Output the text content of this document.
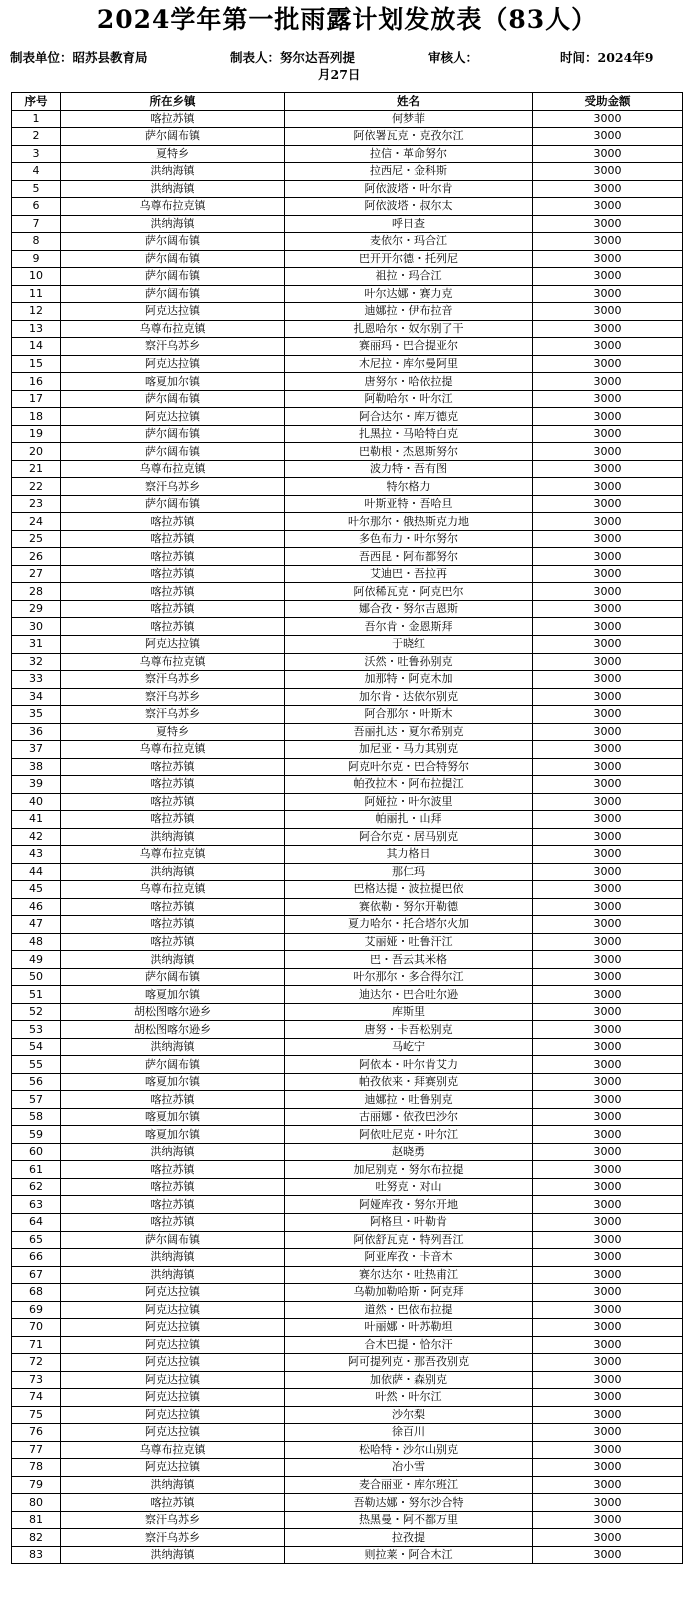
2024学年第一批雨露计划发放表（83人）
制表单位：昭苏县教育局	制表人：努尔达吾列提	审核人：	时间：2024年9
月27日
序号	所在乡镇	姓名	受助金额
1	喀拉苏镇	何梦菲	3000
2	萨尔阔布镇	阿依署瓦克・克孜尔江	3000
3	夏特乡	拉信・革命努尔	3000
4	洪纳海镇	拉西尼・金科斯	3000
5	洪纳海镇	阿依波塔・叶尔肯	3000
6	乌尊布拉克镇	阿依波塔・叔尔太	3000
7	洪纳海镇	呼日查	3000
8	萨尔阔布镇	麦依尔・玛合江	3000
9	萨尔阔布镇	巴开开尔德・托列尼	3000
10	萨尔阔布镇	祖拉・玛合江	3000
11	萨尔阔布镇	叶尔达娜・赛力克	3000
12	阿克达拉镇	迪娜拉・伊布拉音	3000
13	乌尊布拉克镇	扎恩哈尔・奴尔别了干	3000
14	察汗乌苏乡	赛丽玛・巴合提亚尔	3000
15	阿克达拉镇	木尼拉・库尔曼阿里	3000
16	喀夏加尔镇	唐努尔・哈依拉提	3000
17	萨尔阔布镇	阿勒哈尔・叶尔江	3000
18	阿克达拉镇	阿合达尔・库万德克	3000
19	萨尔阔布镇	扎黑拉・马哈特白克	3000
20	萨尔阔布镇	巴勒根・杰恩斯努尔	3000
21	乌尊布拉克镇	波力特・吾有图	3000
22	察汗乌苏乡	特尔格力	3000
23	萨尔阔布镇	叶斯亚特・吾哈旦	3000
24	喀拉苏镇	叶尔那尔・俄热斯克力地	3000
25	喀拉苏镇	多色布力・叶尔努尔	3000
26	喀拉苏镇	吾西昆・阿布都努尔	3000
27	喀拉苏镇	艾迪巴・吾拉再	3000
28	喀拉苏镇	阿依稀瓦克・阿克巴尔	3000
29	喀拉苏镇	娜合孜・努尔吉恩斯	3000
30	喀拉苏镇	吾尔肯・金恩斯拜	3000
31	阿克达拉镇	于晓红	3000
32	乌尊布拉克镇	沃然・吐鲁孙别克	3000
33	察汗乌苏乡	加那特・阿克木加	3000
34	察汗乌苏乡	加尔肯・达依尔别克	3000
35	察汗乌苏乡	阿合那尔・叶斯木	3000
36	夏特乡	吾丽扎达・夏尔希别克	3000
37	乌尊布拉克镇	加尼亚・马力其别克	3000
38	喀拉苏镇	阿克叶尔克・巴合特努尔	3000
39	喀拉苏镇	帕孜拉木・阿布拉提江	3000
40	喀拉苏镇	阿娅拉・叶尔波里	3000
41	喀拉苏镇	帕丽扎・山拜	3000
42	洪纳海镇	阿合尔克・居马别克	3000
43	乌尊布拉克镇	其力格日	3000
44	洪纳海镇	那仁玛	3000
45	乌尊布拉克镇	巴格达提・波拉提巴依	3000
46	喀拉苏镇	赛依勒・努尔开勒德	3000
47	喀拉苏镇	夏力哈尔・托合塔尔火加	3000
48	喀拉苏镇	艾丽娅・吐鲁汗江	3000
49	洪纳海镇	巴・吾云其米格	3000
50	萨尔阔布镇	叶尔那尔・多合得尔江	3000
51	喀夏加尔镇	迪达尔・巴合吐尔逊	3000
52	胡松图喀尔逊乡	库斯里	3000
53	胡松图喀尔逊乡	唐努・卡吾松别克	3000
54	洪纳海镇	马屹宁	3000
55	萨尔阔布镇	阿依本・叶尔肯艾力	3000
56	喀夏加尔镇	帕孜依来・拜赛别克	3000
57	喀拉苏镇	迪娜拉・吐鲁别克	3000
58	喀夏加尔镇	古丽娜・依孜巴沙尔	3000
59	喀夏加尔镇	阿依吐尼克・叶尔江	3000
60	洪纳海镇	赵晓勇	3000
61	喀拉苏镇	加尼别克・努尔布拉提	3000
62	喀拉苏镇	吐努克・对山	3000
63	喀拉苏镇	阿娅库孜・努尔开地	3000
64	喀拉苏镇	阿格旦・叶勒肯	3000
65	萨尔阔布镇	阿依舒瓦克・特列吾江	3000
66	洪纳海镇	阿亚库孜・卡音木	3000
67	洪纳海镇	赛尔达尔・吐热甫江	3000
68	阿克达拉镇	乌勒加勒哈斯・阿克拜	3000
69	阿克达拉镇	道然・巴依布拉提	3000
70	阿克达拉镇	叶丽娜・叶苏勒坦	3000
71	阿克达拉镇	合木巴提・恰尔汗	3000
72	阿克达拉镇	阿可提列克・那吾孜别克	3000
73	阿克达拉镇	加依萨・森别克	3000
74	阿克达拉镇	叶然・叶尔江	3000
75	阿克达拉镇	沙尔梨	3000
76	阿克达拉镇	徐百川	3000
77	乌尊布拉克镇	松哈特・沙尔山别克	3000
78	阿克达拉镇	冶小雪	3000
79	洪纳海镇	麦合丽亚・库尔班江	3000
80	喀拉苏镇	吾勒达娜・努尔沙合特	3000
81	察汗乌苏乡	热黑曼・阿不都万里	3000
82	察汗乌苏乡	拉孜提	3000
83	洪纳海镇	则拉莱・阿合木江	3000
